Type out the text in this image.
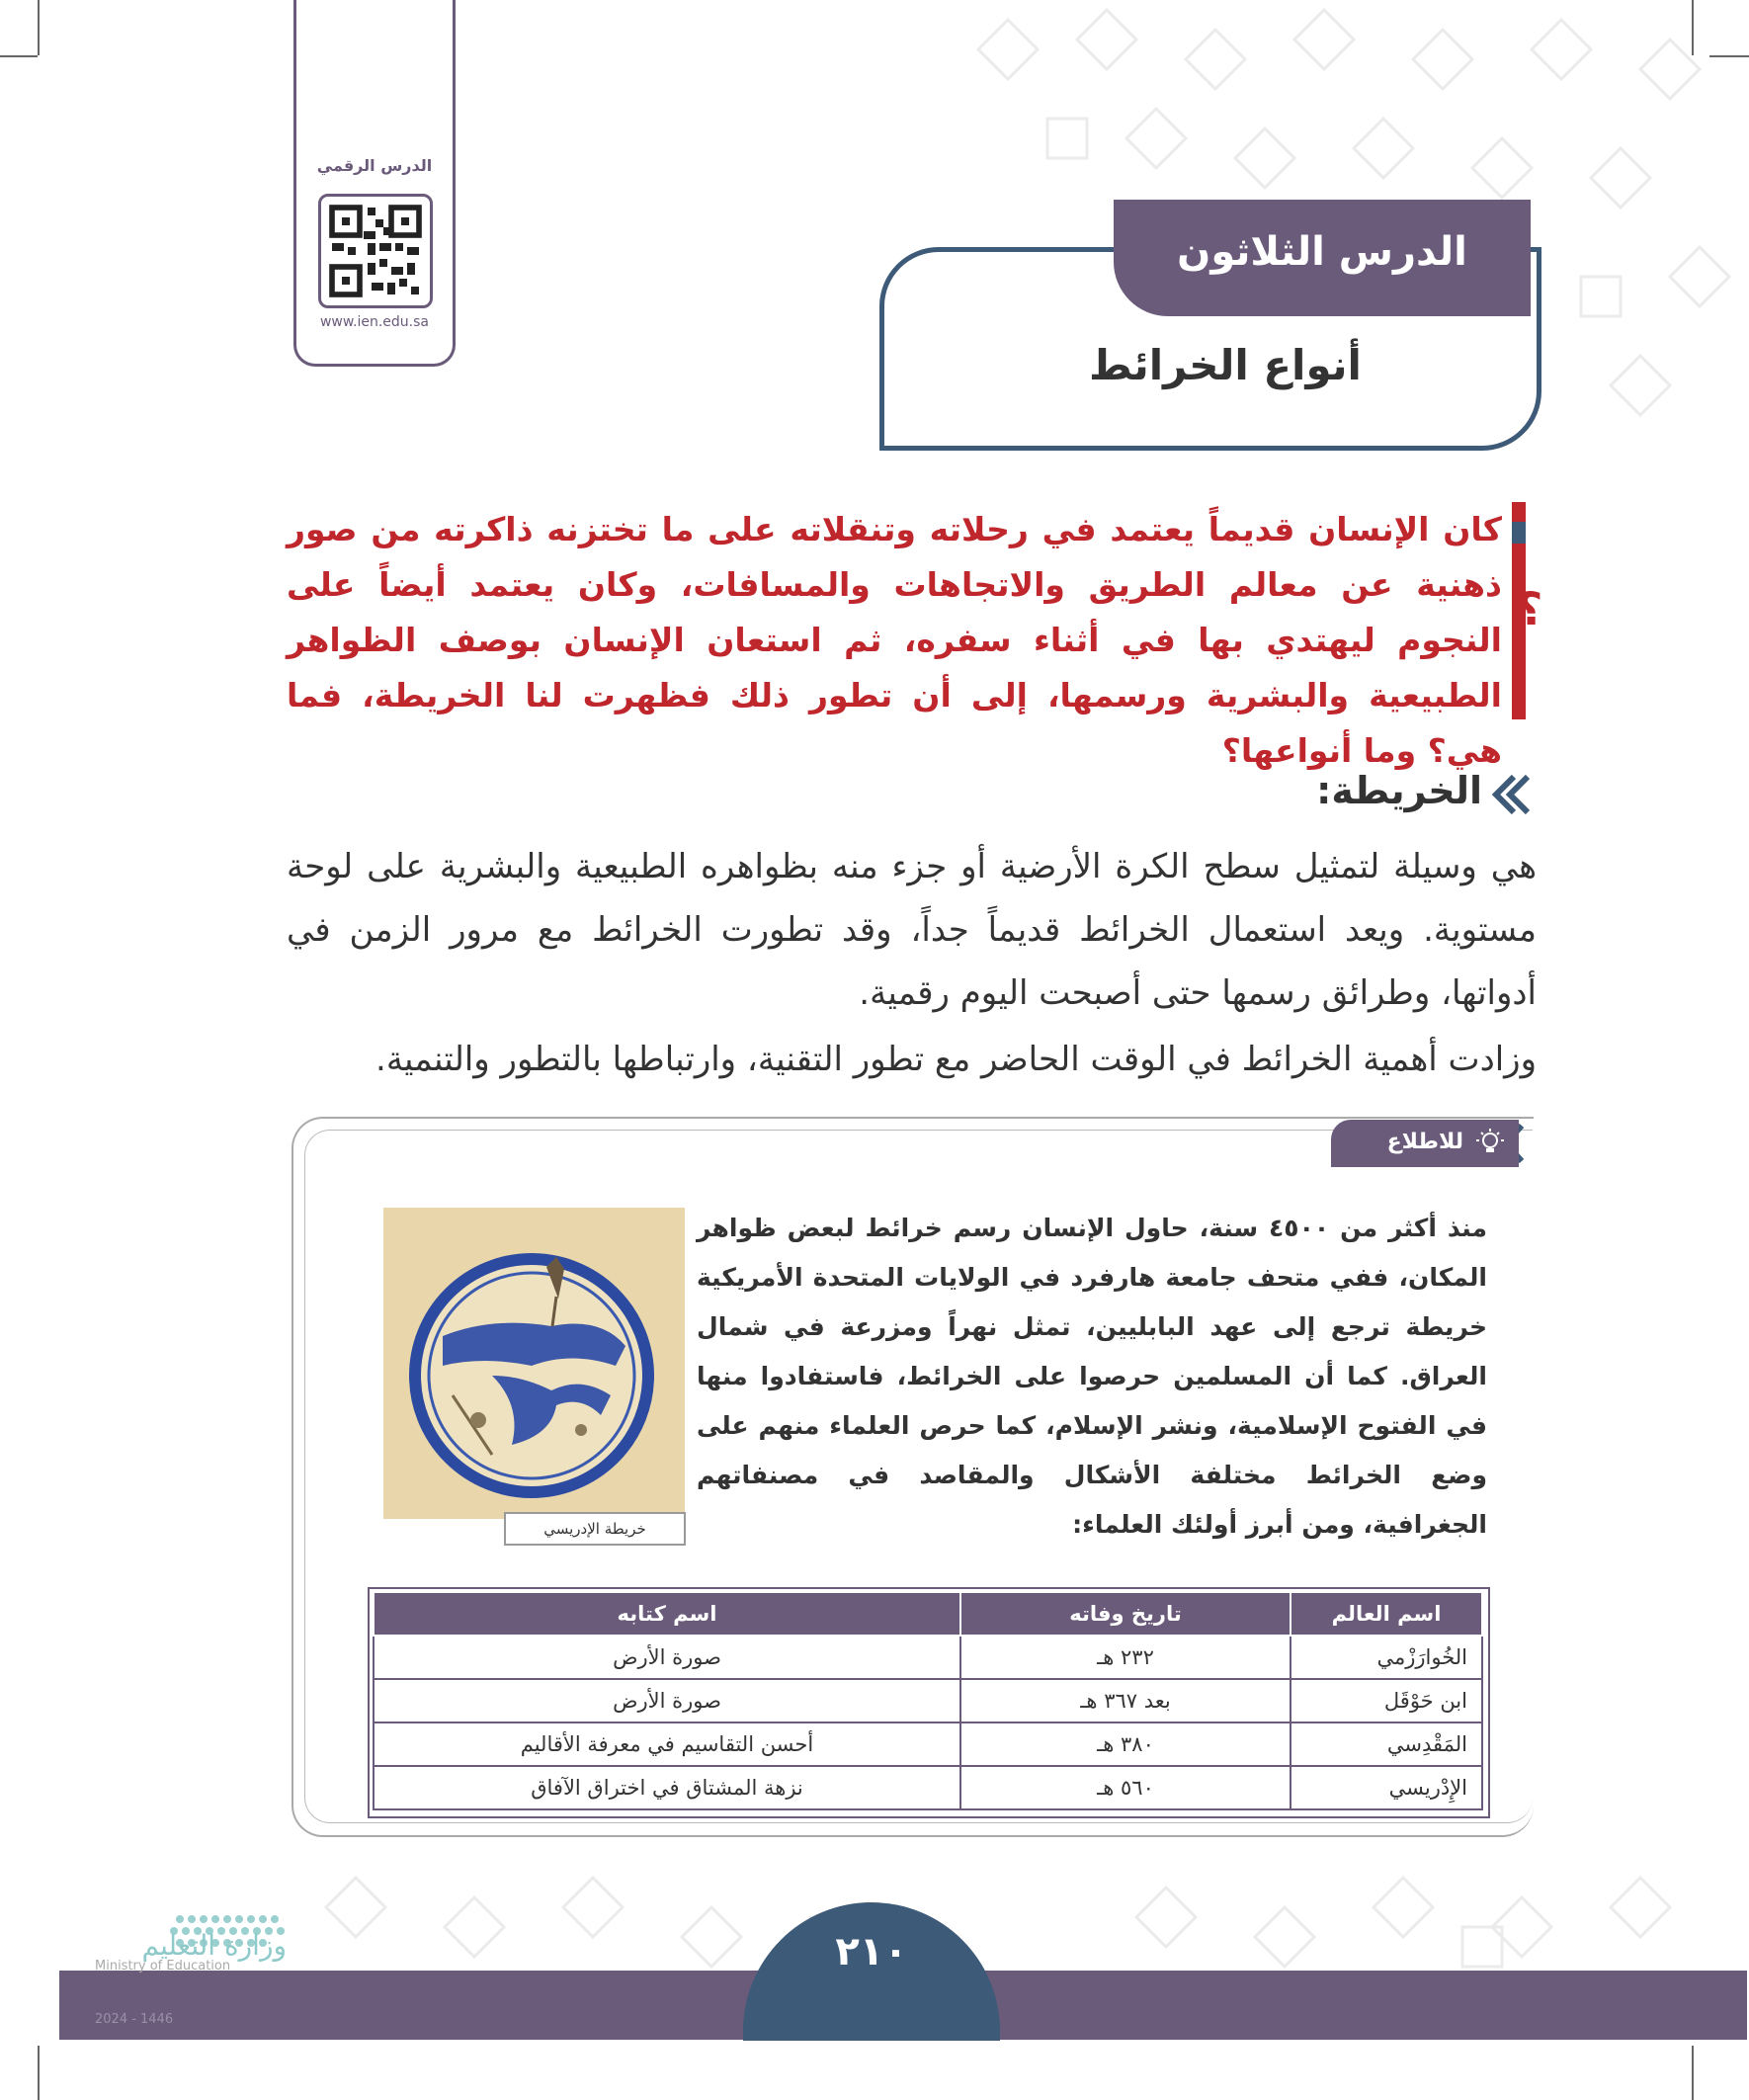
الدرس الرقمي
www.ien.edu.sa
الدرس الثلاثون
أنواع الخرائط
؟
كان الإنسان قديماً يعتمد في رحلاته وتنقلاته على ما تختزنه ذاكرته من صور ذهنية عن معالم الطريق والاتجاهات والمسافات، وكان يعتمد أيضاً على النجوم ليهتدي بها في أثناء سفره، ثم استعان الإنسان بوصف الظواهر الطبيعية والبشرية ورسمها، إلى أن تطور ذلك فظهرت لنا الخريطة، فما هي؟ وما أنواعها؟
الخريطة:
هي وسيلة لتمثيل سطح الكرة الأرضية أو جزء منه بظواهره الطبيعية والبشرية على لوحة مستوية. ويعد استعمال الخرائط قديماً جداً، وقد تطورت الخرائط مع مرور الزمن في أدواتها، وطرائق رسمها حتى أصبحت اليوم رقمية.
وزادت أهمية الخرائط في الوقت الحاضر مع تطور التقنية، وارتباطها بالتطور والتنمية.
للاطلاع
منذ أكثر من ٤٥٠٠ سنة، حاول الإنسان رسم خرائط لبعض ظواهر المكان، ففي متحف جامعة هارفرد في الولايات المتحدة الأمريكية خريطة ترجع إلى عهد البابليين، تمثل نهراً ومزرعة في شمال العراق. كما أن المسلمين حرصوا على الخرائط، فاستفادوا منها في الفتوح الإسلامية، ونشر الإسلام، كما حرص العلماء منهم على وضع الخرائط مختلفة الأشكال والمقاصد في مصنفاتهم الجغرافية، ومن أبرز أولئك العلماء:
خريطة الإدريسي
اسم العالم	تاريخ وفاته	اسم كتابه
الخُوارَزْمي	٢٣٢ هـ	صورة الأرض
ابن حَوْقَل	بعد ٣٦٧ هـ	صورة الأرض
المَقْدِسي	٣٨٠ هـ	أحسن التقاسيم في معرفة الأقاليم
الإِدْريسي	٥٦٠ هـ	نزهة المشتاق في اختراق الآفاق
٢١٠
وزارة التعليم
Ministry of Education
2024 - 1446
